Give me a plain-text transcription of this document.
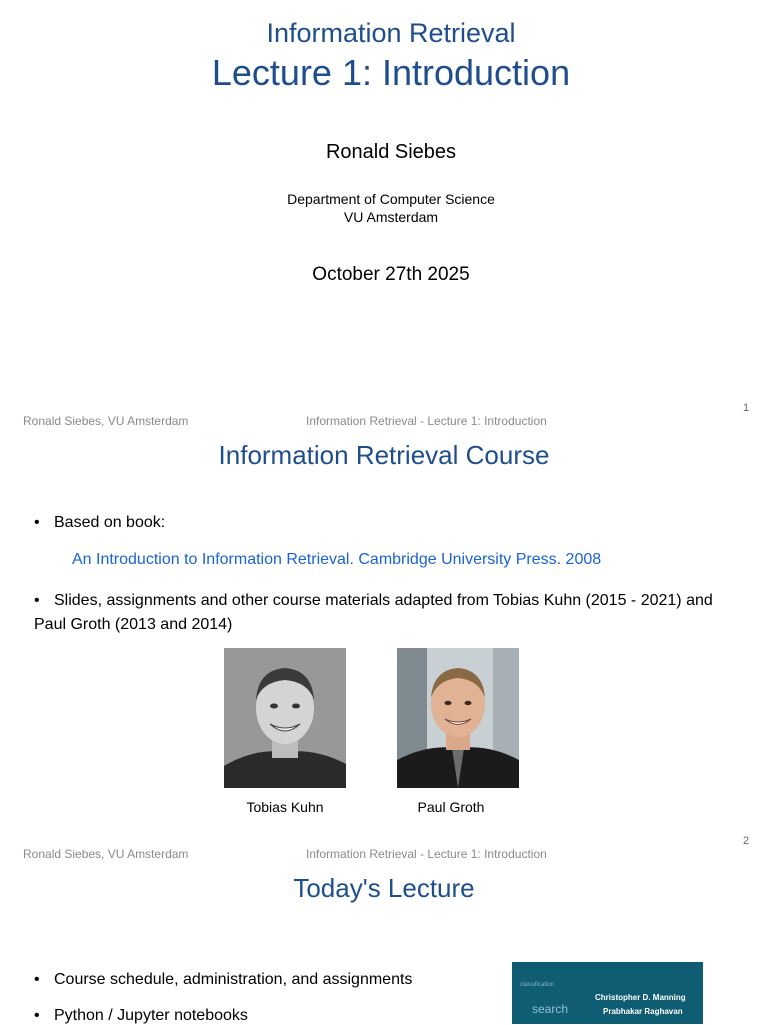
Information Retrieval
Lecture 1: Introduction
Ronald Siebes
Department of Computer Science
VU Amsterdam
October 27th 2025
Ronald Siebes, VU Amsterdam	Information Retrieval - Lecture 1: Introduction
1
Information Retrieval Course
• Based on book:
An Introduction to Information Retrieval. Cambridge University Press. 2008
• Slides, assignments and other course materials adapted from Tobias Kuhn (2015 - 2021) and Paul Groth (2013 and 2014)
Tobias Kuhn	Paul Groth
Ronald Siebes, VU Amsterdam	Information Retrieval - Lecture 1: Introduction
2
Today's Lecture
• Course schedule, administration, and assignments
• Python / Jupyter notebooks
classification
search
Christopher D. Manning
Prabhakar Raghavan
